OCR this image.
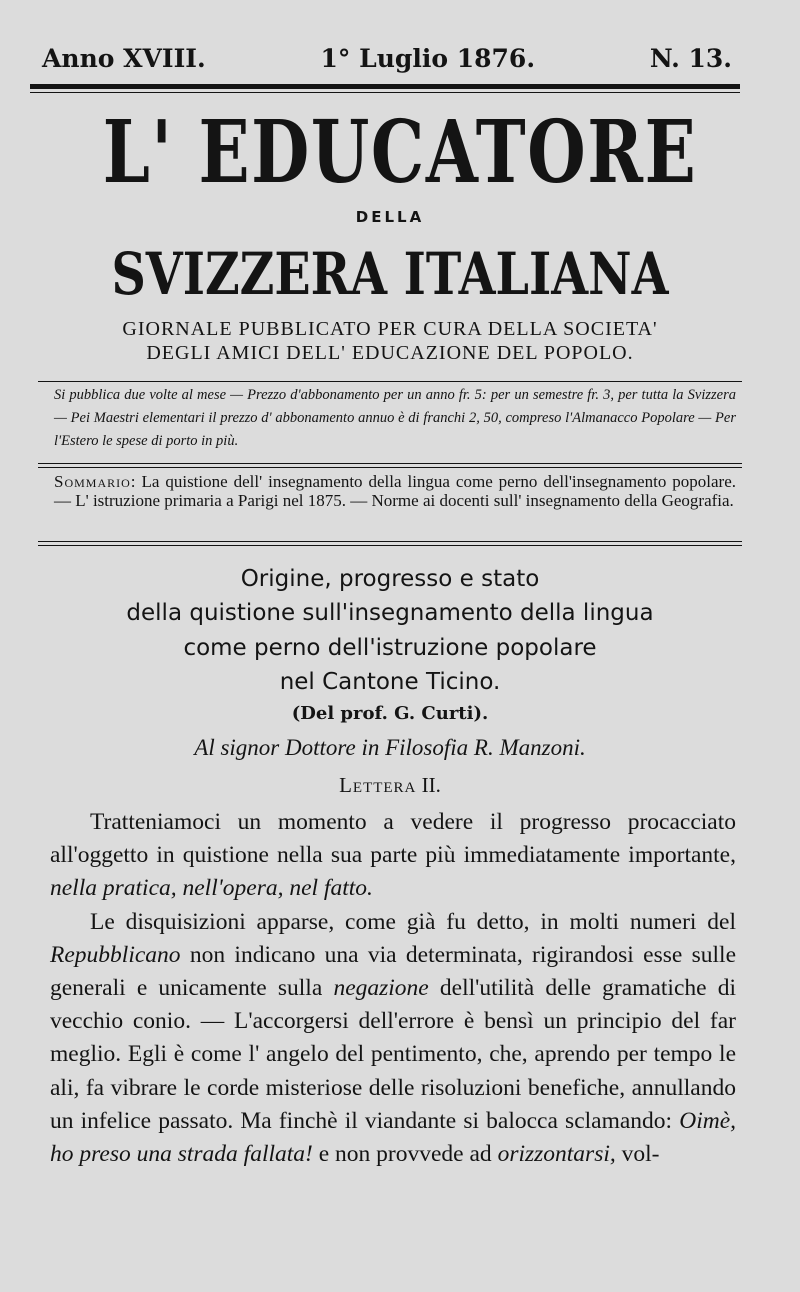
Anno XVIII.	1° Luglio 1876.	N. 13.
L' EDUCATORE
DELLA
SVIZZERA ITALIANA
GIORNALE PUBBLICATO PER CURA DELLA SOCIETA'
DEGLI AMICI DELL' EDUCAZIONE DEL POPOLO.
Si pubblica due volte al mese — Prezzo d'abbonamento per un anno fr. 5: per un semestre fr. 3, per tutta la Svizzera — Pei Maestri elementari il prezzo d' abbonamento annuo è di franchi 2, 50, compreso l'Almanacco Popolare — Per l'Estero le spese di porto in più.
Sommario: La quistione dell' insegnamento della lingua come perno dell'insegnamento popolare. — L' istruzione primaria a Parigi nel 1875. — Norme ai docenti sull' insegnamento della Geografia.
Origine, progresso e stato
della quistione sull'insegnamento della lingua
come perno dell'istruzione popolare
nel Cantone Ticino.
(Del prof. G. Curti).
Al signor Dottore in Filosofia R. Manzoni.
Lettera II.

Tratteniamoci un momento a vedere il progresso procacciato all'oggetto in quistione nella sua parte più immediatamente importante, nella pratica, nell'opera, nel fatto.

Le disquisizioni apparse, come già fu detto, in molti numeri del Repubblicano non indicano una via determinata, rigirandosi esse sulle generali e unicamente sulla negazione dell'utilità delle gramatiche di vecchio conio. — L'accorgersi dell'errore è bensì un principio del far meglio. Egli è come l' angelo del pentimento, che, aprendo per tempo le ali, fa vibrare le corde misteriose delle risoluzioni benefiche, annullando un infelice passato. Ma finchè il viandante si balocca sclamando: Oimè, ho preso una strada fallata! e non provvede ad orizzontarsi, vol-
